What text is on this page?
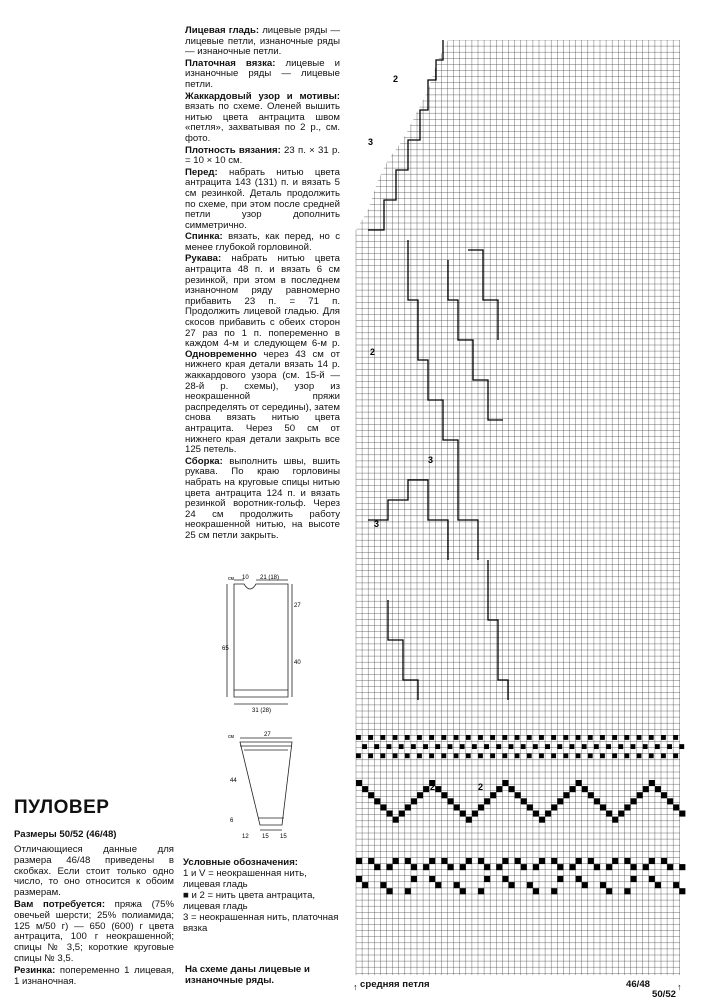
Лицевая гладь: лицевые ряды — лицевые петли, изнаночные ряды — изнаночные петли.

Платочная вязка: лицевые и изнаночные ряды — лицевые петли.

Жаккардовый узор и мотивы: вязать по схеме. Оленей вышить нитью цвета антрацита швом «петля», захватывая по 2 р., см. фото.

Плотность вязания: 23 п. × 31 р. = 10 × 10 см.

Перед: набрать нитью цвета антрацита 143 (131) п. и вязать 5 см резинкой. Деталь продолжить по схеме, при этом после средней петли узор дополнить симметрично.

Спинка: вязать, как перед, но с менее глубокой горловиной.

Рукава: набрать нитью цвета антрацита 48 п. и вязать 6 см резинкой, при этом в последнем изнаночном ряду равномерно прибавить 23 п. = 71 п. Продолжить лицевой гладью. Для скосов прибавить с обеих сторон 27 раз по 1 п. попеременно в каждом 4-м и следующем 6-м р. Одновременно через 43 см от нижнего края детали вязать 14 р. жаккардового узора (см. 15-й — 28-й р. схемы), узор из неокрашенной пряжи распределять от середины), затем снова вязать нитью цвета антрацита. Через 50 см от нижнего края детали закрыть все 125 петель.

Сборка: выполнить швы, вшить рукава. По краю горловины набрать на круговые спицы нитью цвета антрацита 124 п. и вязать резинкой воротник-гольф. Через 24 см продолжить работу неокрашенной нитью, на высоте 25 см петли закрыть.

см 10 21 (18)
27
65
40
31 (28)
см	27
44
6
12 15 15
Условные обозначения:

1 и V = неокрашенная нить, лицевая гладь

■ и 2 = нить цвета антрацита, лицевая гладь

3 = неокрашенная нить, платочная вязка

На схеме даны лицевые и изнаночные ряды.
ПУЛОВЕР
Размеры 50/52 (46/48)

Отличающиеся данные для размера 46/48 приведены в скобках. Если стоит только одно число, то оно относится к обоим размерам.

Вам потребуется: пряжа (75% овечьей шерсти; 25% полиамида; 125 м/50 г) — 650 (600) г цвета антрацита, 100 г неокрашенной; спицы № 3,5; короткие круговые спицы № 3,5.

Резинка: попеременно 1 лицевая, 1 изнаночная.

2
3
2
3
3
2	2
↑	↑
средняя петля	46/48
50/52
